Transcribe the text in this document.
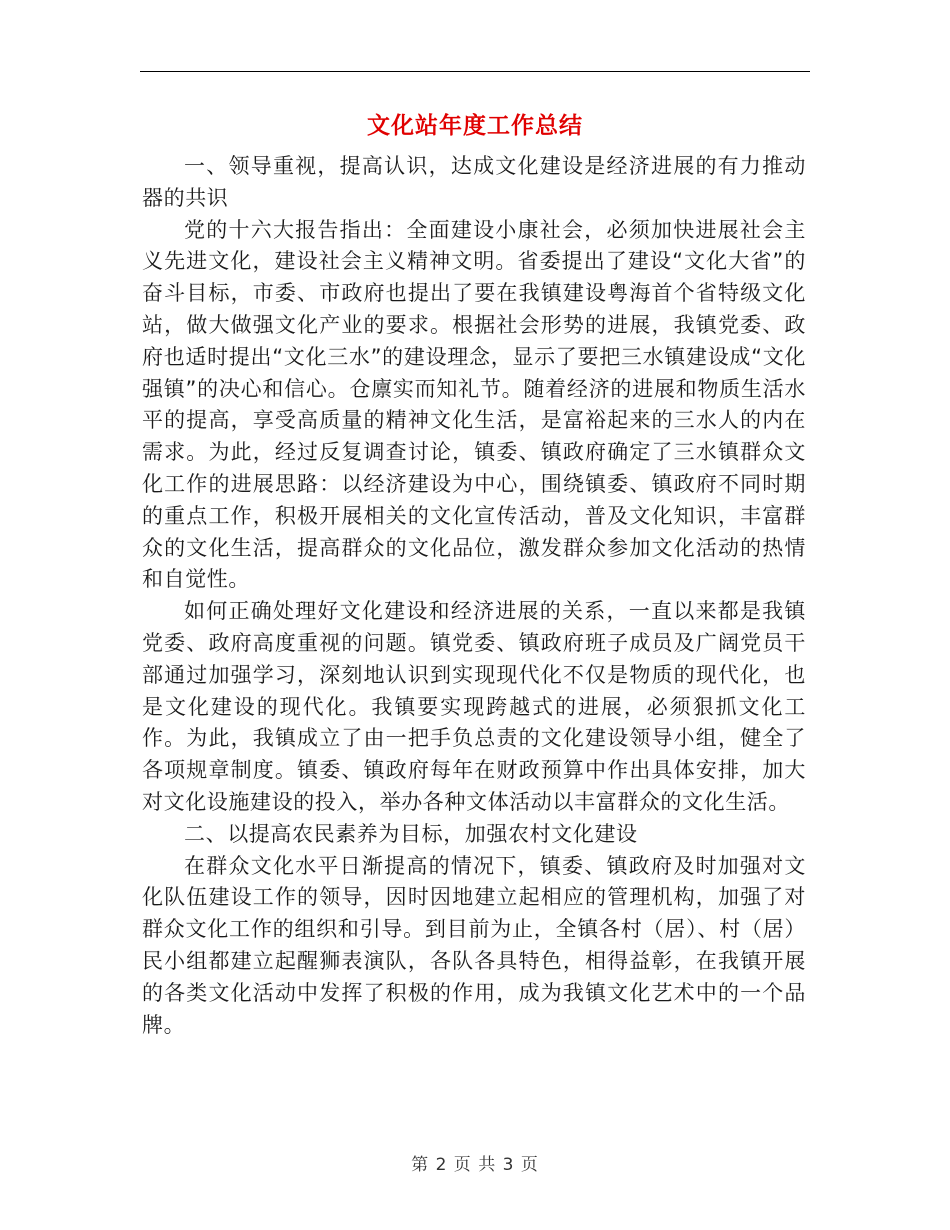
文化站年度工作总结

一、领导重视，提高认识，达成文化建设是经济进展的有力推动器的共识

党的十六大报告指出：全面建设小康社会，必须加快进展社会主义先进文化，建设社会主义精神文明。省委提出了建设“文化大省”的奋斗目标，市委、市政府也提出了要在我镇建设粤海首个省特级文化站，做大做强文化产业的要求。根据社会形势的进展，我镇党委、政府也适时提出“文化三水”的建设理念，显示了要把三水镇建设成“文化强镇”的决心和信心。仓廪实而知礼节。随着经济的进展和物质生活水平的提高，享受高质量的精神文化生活，是富裕起来的三水人的内在需求。为此，经过反复调查讨论，镇委、镇政府确定了三水镇群众文化工作的进展思路：以经济建设为中心，围绕镇委、镇政府不同时期的重点工作，积极开展相关的文化宣传活动，普及文化知识，丰富群众的文化生活，提高群众的文化品位，激发群众参加文化活动的热情和自觉性。

如何正确处理好文化建设和经济进展的关系，一直以来都是我镇党委、政府高度重视的问题。镇党委、镇政府班子成员及广阔党员干部通过加强学习，深刻地认识到实现现代化不仅是物质的现代化，也是文化建设的现代化。我镇要实现跨越式的进展，必须狠抓文化工作。为此，我镇成立了由一把手负总责的文化建设领导小组，健全了各项规章制度。镇委、镇政府每年在财政预算中作出具体安排，加大对文化设施建设的投入，举办各种文体活动以丰富群众的文化生活。

二、以提高农民素养为目标，加强农村文化建设

在群众文化水平日渐提高的情况下，镇委、镇政府及时加强对文化队伍建设工作的领导，因时因地建立起相应的管理机构，加强了对群众文化工作的组织和引导。到目前为止，全镇各村（居）、村（居）民小组都建立起醒狮表演队，各队各具特色，相得益彰，在我镇开展的各类文化活动中发挥了积极的作用，成为我镇文化艺术中的一个品牌。

第 2 页 共 3 页
